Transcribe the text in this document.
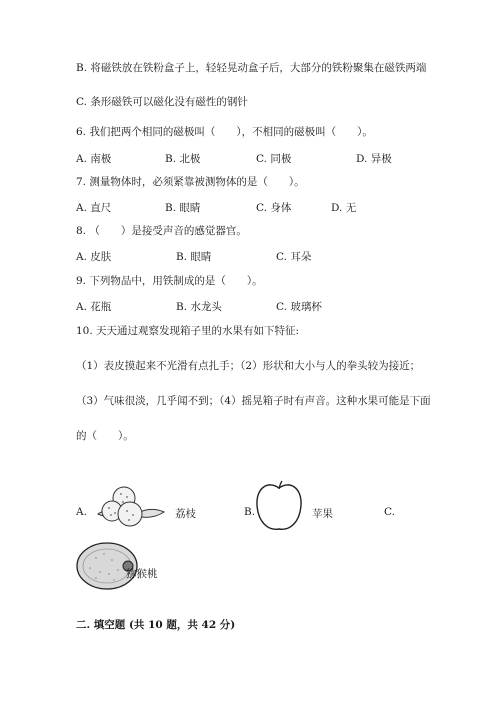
B. 将磁铁放在铁粉盒子上，轻轻晃动盒子后，大部分的铁粉聚集在磁铁两端
C. 条形磁铁可以磁化没有磁性的钢针
6. 我们把两个相同的磁极叫（　　），不相同的磁极叫（　　）。
A. 南极	B. 北极	C. 同极	D. 异极
7. 测量物体时，必须紧靠被测物体的是（　　）。
A. 直尺	B. 眼睛	C. 身体	D. 无
8. （　　）是接受声音的感觉器官。
A. 皮肤	B. 眼睛	C. 耳朵
9. 下列物品中，用铁制成的是（　　）。
A. 花瓶	B. 水龙头	C. 玻璃杯
10. 天天通过观察发现箱子里的水果有如下特征:
（1）表皮摸起来不光滑有点扎手；（2）形状和大小与人的拳头较为接近；
（3）气味很淡，几乎闻不到；（4）摇晃箱子时有声音。这种水果可能是下面
的（　　）。
A.	荔枝	B.	苹果	C.
猕猴桃
二. 填空题 (共 10 题，共 42 分)
